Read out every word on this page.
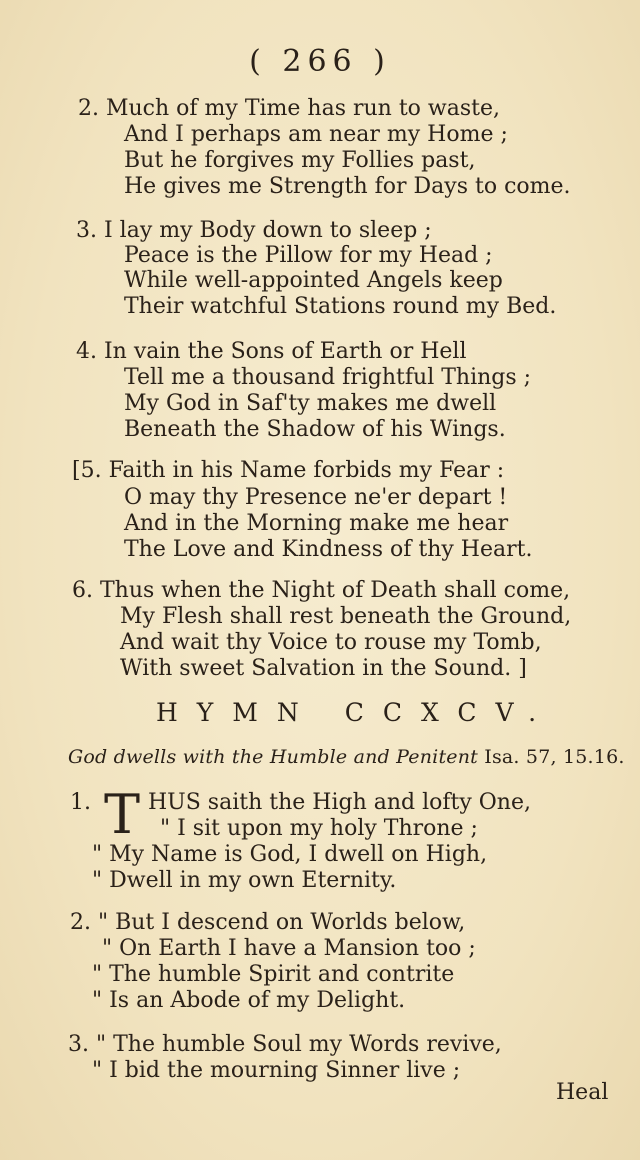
( 266 )
2. Much of my Time has run to waste,
And I perhaps am near my Home ;
But he forgives my Follies past,
He gives me Strength for Days to come.
3. I lay my Body down to sleep ;
Peace is the Pillow for my Head ;
While well-appointed Angels keep
Their watchful Stations round my Bed.
4. In vain the Sons of Earth or Hell
Tell me a thousand frightful Things ;
My God in Saf'ty makes me dwell
Beneath the Shadow of his Wings.
[5. Faith in his Name forbids my Fear :
O may thy Presence ne'er depart !
And in the Morning make me hear
The Love and Kindness of thy Heart.
6. Thus when the Night of Death shall come,
My Flesh shall rest beneath the Ground,
And wait thy Voice to rouse my Tomb,
With sweet Salvation in the Sound. ]
HYMN CCXCV.
God dwells with the Humble and Penitent Isa. 57, 15.16.
1. T HUS saith the High and lofty One,
" I sit upon my holy Throne ;
" My Name is God, I dwell on High,
" Dwell in my own Eternity.
2. " But I descend on Worlds below,
" On Earth I have a Mansion too ;
" The humble Spirit and contrite
" Is an Abode of my Delight.
3. " The humble Soul my Words revive,
" I bid the mourning Sinner live ;
Heal
